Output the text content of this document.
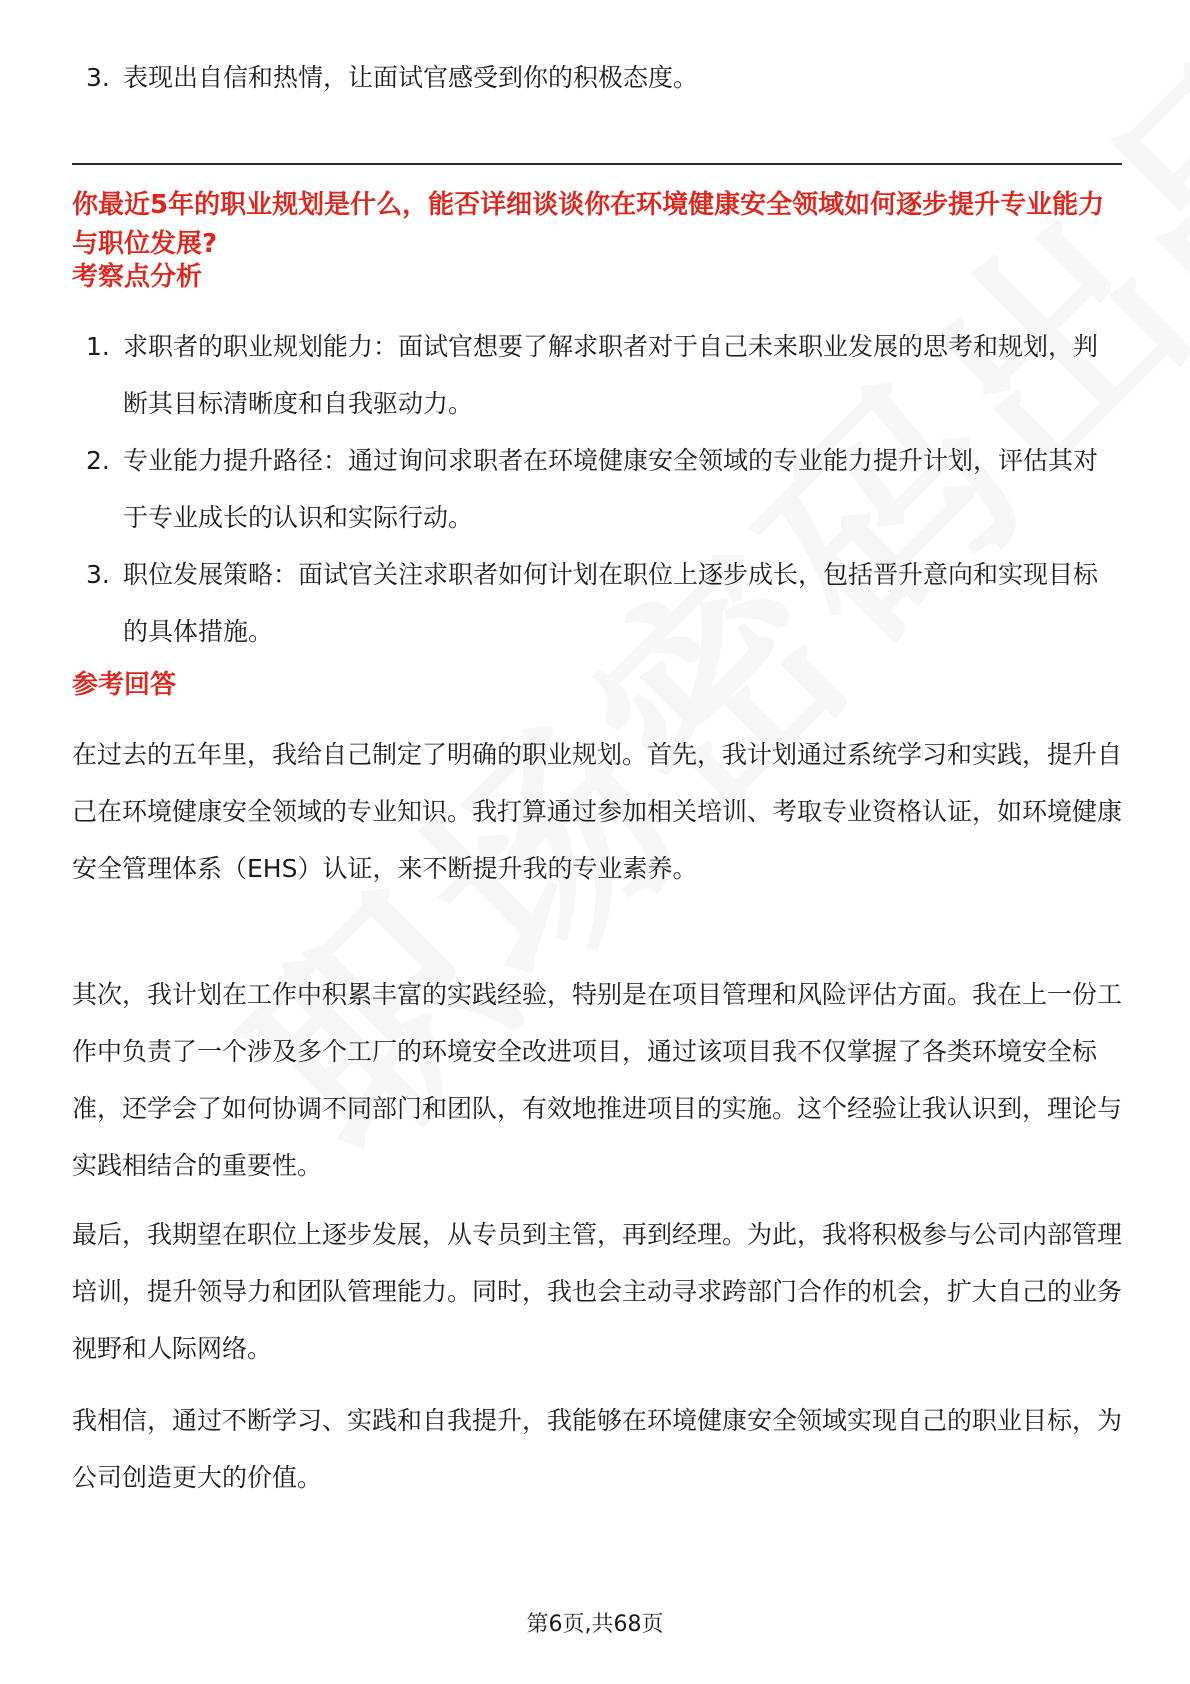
3. 表现出自信和热情，让面试官感受到你的积极态度。
你最近5年的职业规划是什么，能否详细谈谈你在环境健康安全领域如何逐步提升专业能力与职位发展?
考察点分析
1. 求职者的职业规划能力：面试官想要了解求职者对于自己未来职业发展的思考和规划，判断其目标清晰度和自我驱动力。
2. 专业能力提升路径：通过询问求职者在环境健康安全领域的专业能力提升计划，评估其对于专业成长的认识和实际行动。
3. 职位发展策略：面试官关注求职者如何计划在职位上逐步成长，包括晋升意向和实现目标的具体措施。
参考回答

在过去的五年里，我给自己制定了明确的职业规划。首先，我计划通过系统学习和实践，提升自己在环境健康安全领域的专业知识。我打算通过参加相关培训、考取专业资格认证，如环境健康安全管理体系（EHS）认证，来不断提升我的专业素养。

其次，我计划在工作中积累丰富的实践经验，特别是在项目管理和风险评估方面。我在上一份工作中负责了一个涉及多个工厂的环境安全改进项目，通过该项目我不仅掌握了各类环境安全标准，还学会了如何协调不同部门和团队，有效地推进项目的实施。这个经验让我认识到，理论与实践相结合的重要性。

最后，我期望在职位上逐步发展，从专员到主管，再到经理。为此，我将积极参与公司内部管理培训，提升领导力和团队管理能力。同时，我也会主动寻求跨部门合作的机会，扩大自己的业务视野和人际网络。

我相信，通过不断学习、实践和自我提升，我能够在环境健康安全领域实现自己的职业目标，为公司创造更大的价值。

第6页,共68页
